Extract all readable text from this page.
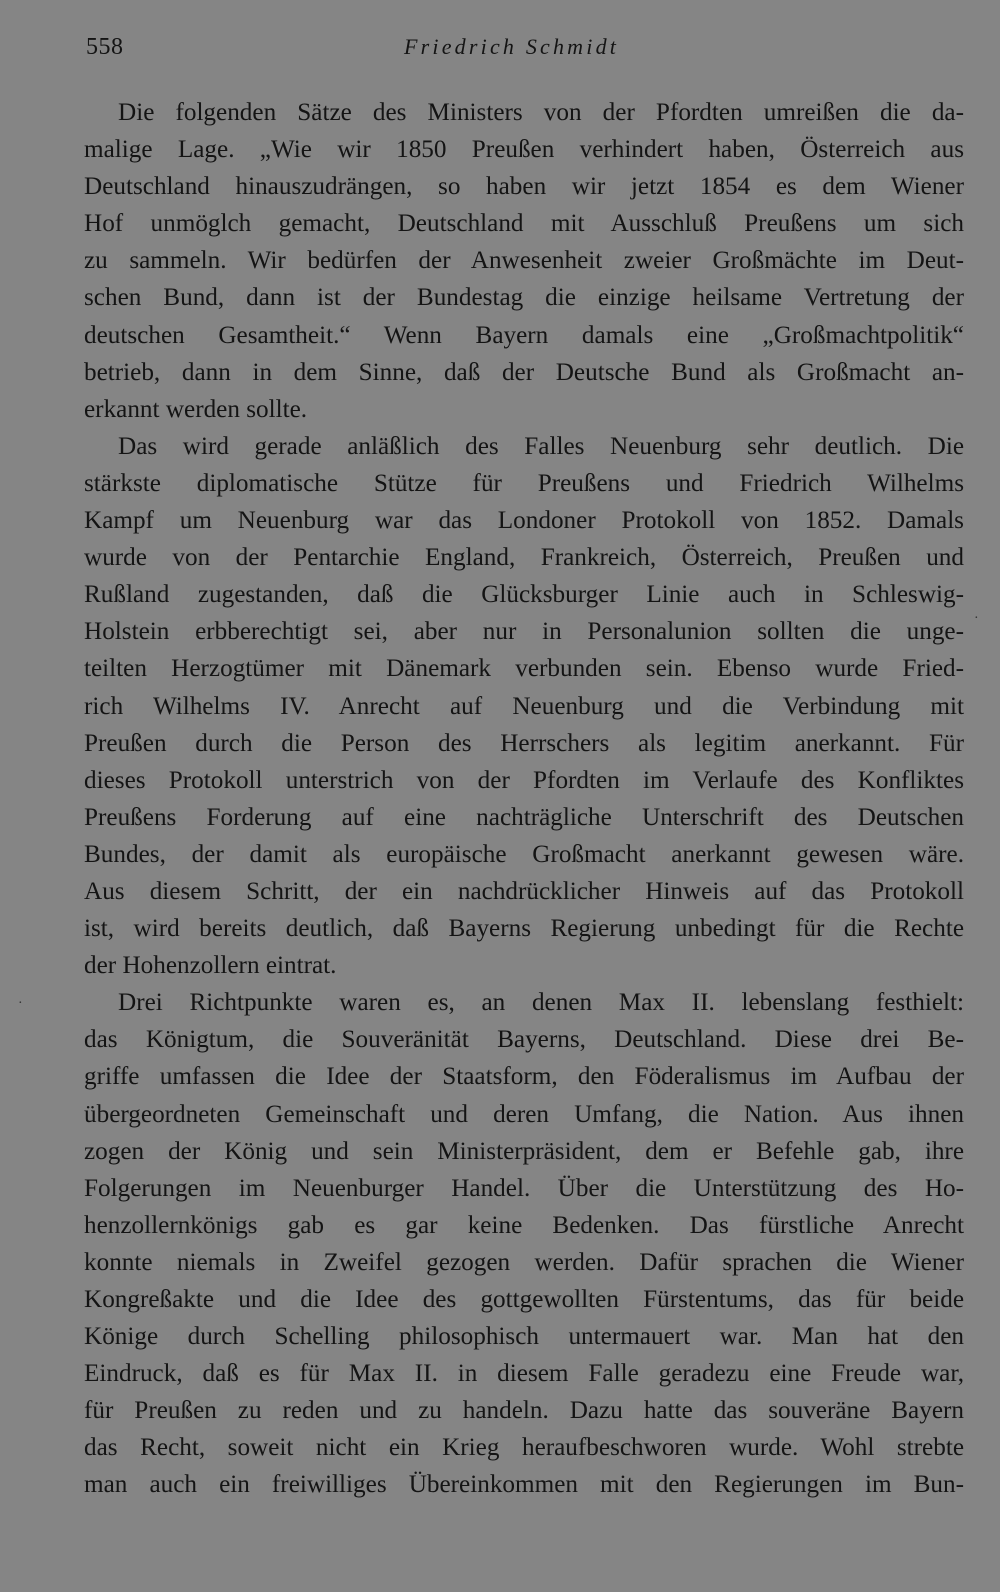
558	Friedrich Schmidt
Die folgenden Sätze des Ministers von der Pfordten umreißen die da-
malige Lage. „Wie wir 1850 Preußen verhindert haben, Österreich aus
Deutschland hinauszudrängen, so haben wir jetzt 1854 es dem Wiener
Hof unmöglch gemacht, Deutschland mit Ausschluß Preußens um sich
zu sammeln. Wir bedürfen der Anwesenheit zweier Großmächte im Deut-
schen Bund, dann ist der Bundestag die einzige heilsame Vertretung der
deutschen Gesamtheit.“ Wenn Bayern damals eine „Großmachtpolitik“
betrieb, dann in dem Sinne, daß der Deutsche Bund als Großmacht an-
erkannt werden sollte.
Das wird gerade anläßlich des Falles Neuenburg sehr deutlich. Die
stärkste diplomatische Stütze für Preußens und Friedrich Wilhelms
Kampf um Neuenburg war das Londoner Protokoll von 1852. Damals
wurde von der Pentarchie England, Frankreich, Österreich, Preußen und
Rußland zugestanden, daß die Glücksburger Linie auch in Schleswig-
Holstein erbberechtigt sei, aber nur in Personalunion sollten die unge-
teilten Herzogtümer mit Dänemark verbunden sein. Ebenso wurde Fried-
rich Wilhelms IV. Anrecht auf Neuenburg und die Verbindung mit
Preußen durch die Person des Herrschers als legitim anerkannt. Für
dieses Protokoll unterstrich von der Pfordten im Verlaufe des Konfliktes
Preußens Forderung auf eine nachträgliche Unterschrift des Deutschen
Bundes, der damit als europäische Großmacht anerkannt gewesen wäre.
Aus diesem Schritt, der ein nachdrücklicher Hinweis auf das Protokoll
ist, wird bereits deutlich, daß Bayerns Regierung unbedingt für die Rechte
der Hohenzollern eintrat.
Drei Richtpunkte waren es, an denen Max II. lebenslang festhielt:
das Königtum, die Souveränität Bayerns, Deutschland. Diese drei Be-
griffe umfassen die Idee der Staatsform, den Föderalismus im Aufbau der
übergeordneten Gemeinschaft und deren Umfang, die Nation. Aus ihnen
zogen der König und sein Ministerpräsident, dem er Befehle gab, ihre
Folgerungen im Neuenburger Handel. Über die Unterstützung des Ho-
henzollernkönigs gab es gar keine Bedenken. Das fürstliche Anrecht
konnte niemals in Zweifel gezogen werden. Dafür sprachen die Wiener
Kongreßakte und die Idee des gottgewollten Fürstentums, das für beide
Könige durch Schelling philosophisch untermauert war. Man hat den
Eindruck, daß es für Max II. in diesem Falle geradezu eine Freude war,
für Preußen zu reden und zu handeln. Dazu hatte das souveräne Bayern
das Recht, soweit nicht ein Krieg heraufbeschworen wurde. Wohl strebte
man auch ein freiwilliges Übereinkommen mit den Regierungen im Bun-
·
·
